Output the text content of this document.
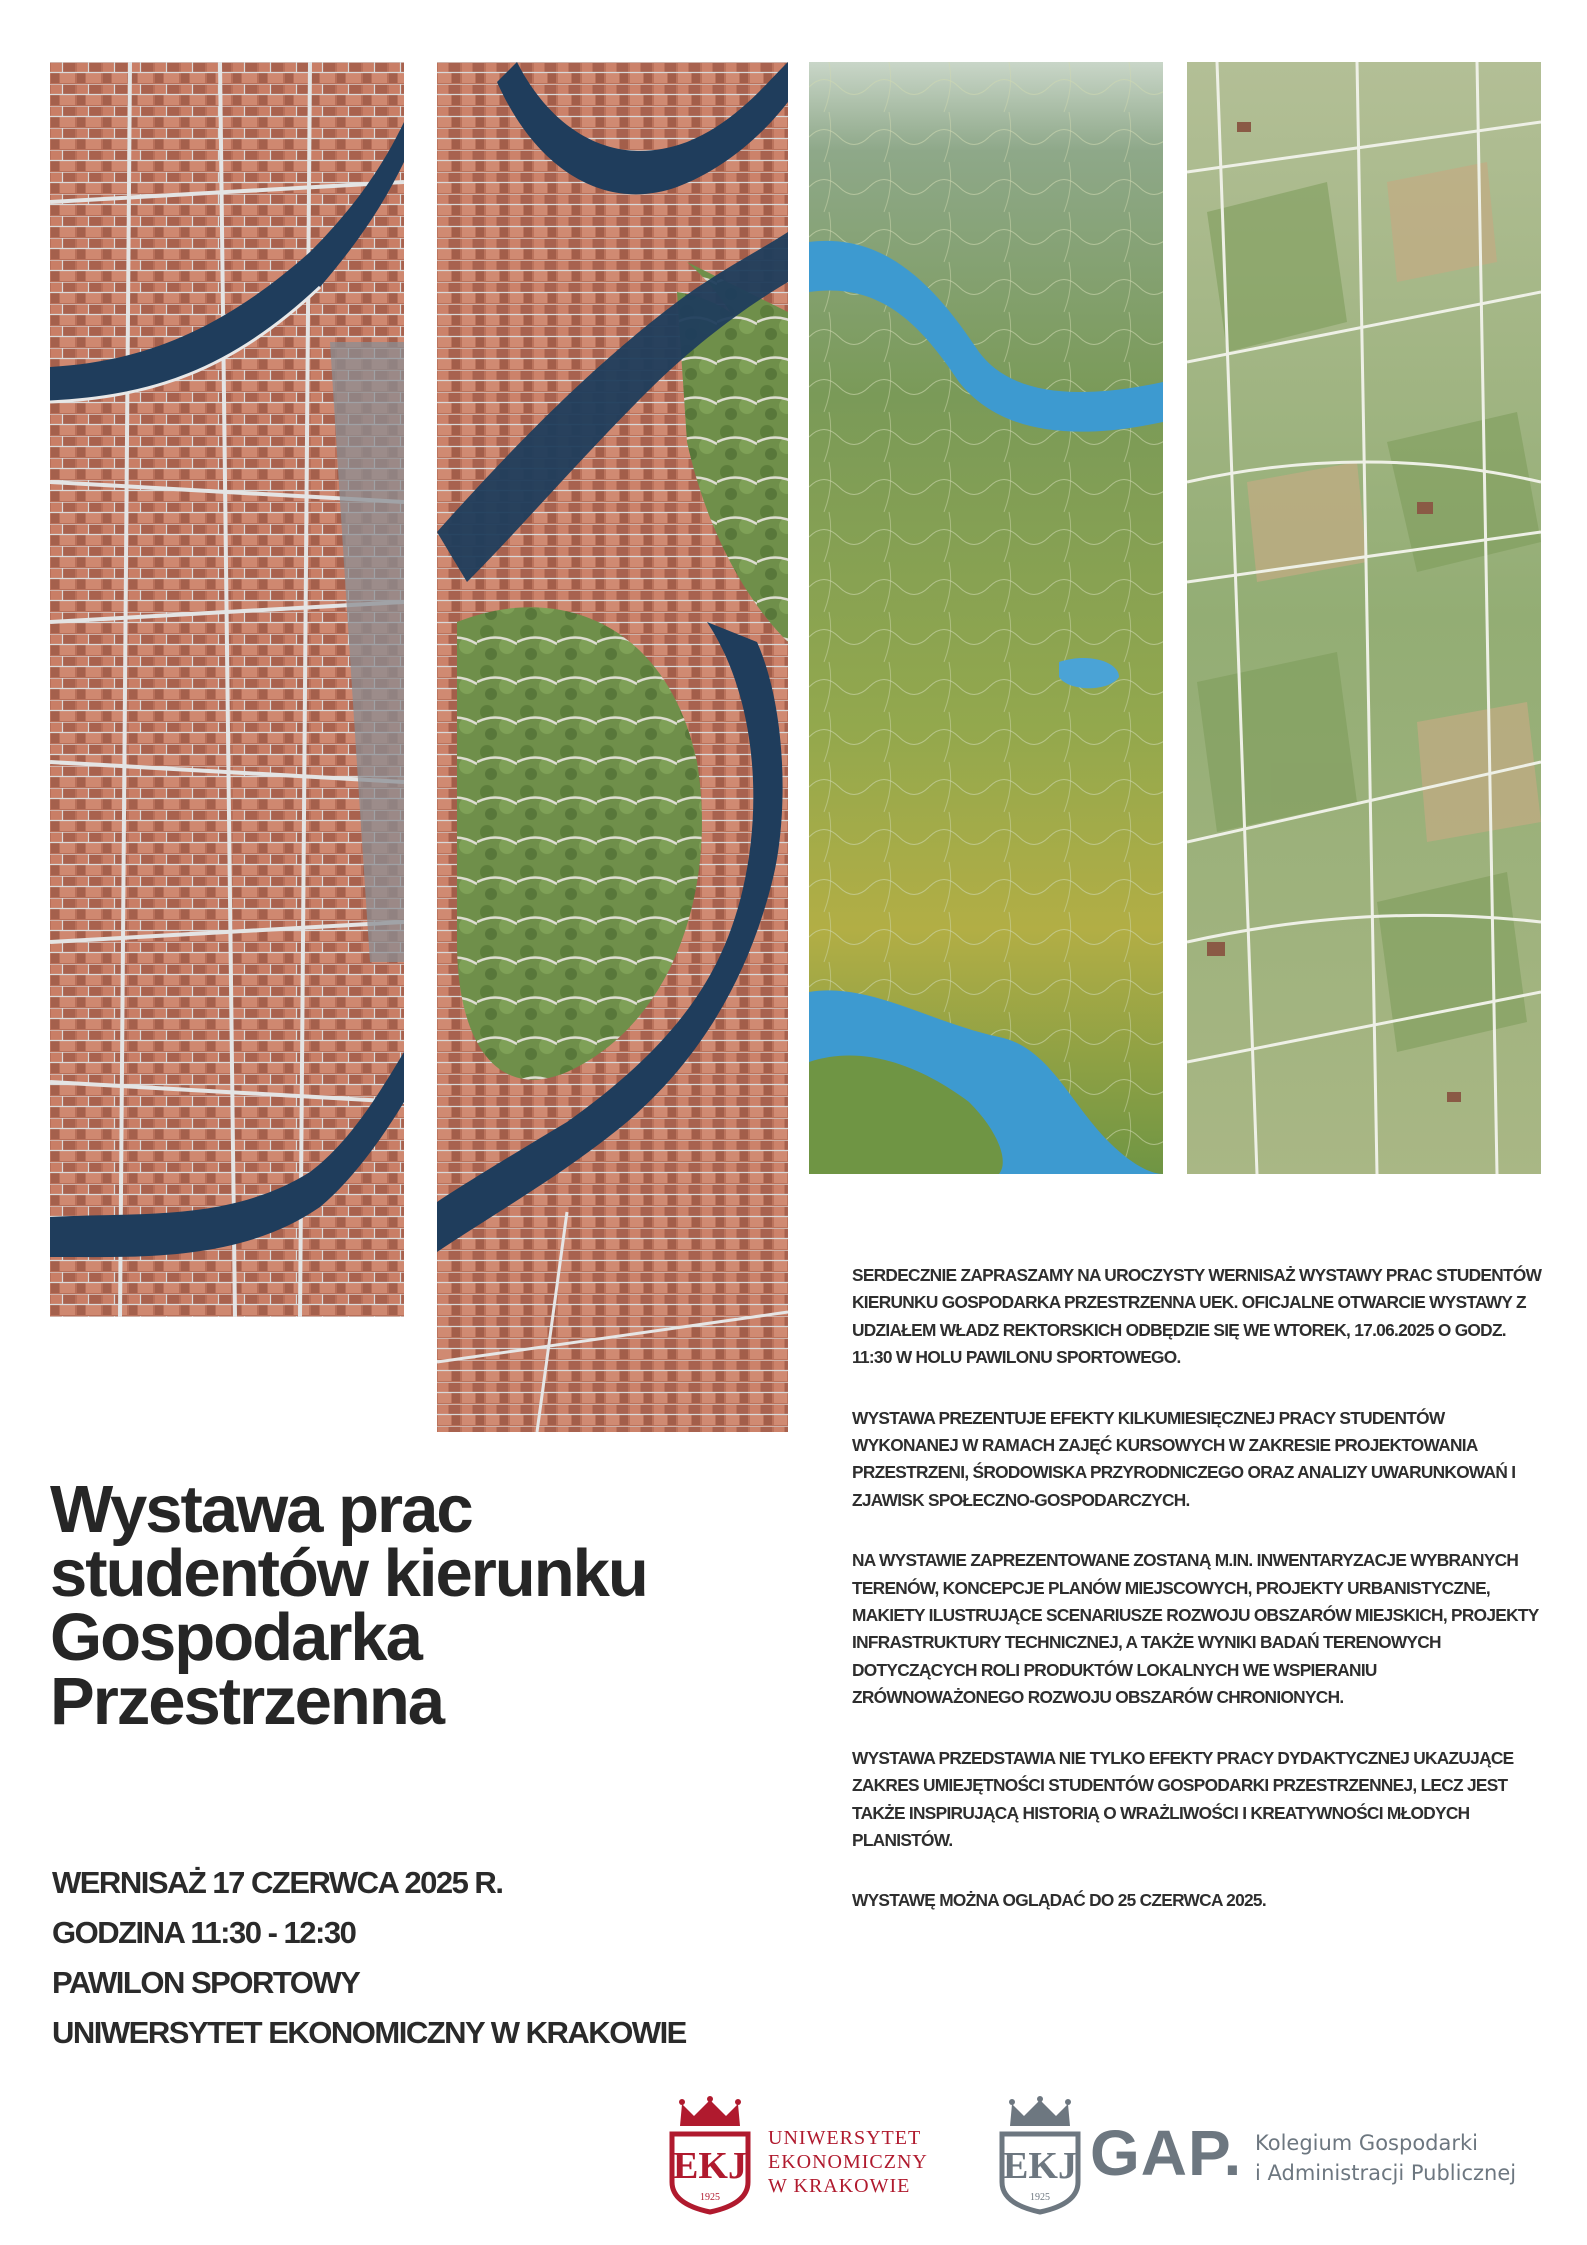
Wystawa prac
studentów kierunku
Gospodarka
Przestrzenna
WERNISAŻ 17 CZERWCA 2025 R.
GODZINA 11:30 - 12:30
PAWILON SPORTOWY
UNIWERSYTET EKONOMICZNY W KRAKOWIE

SERDECZNIE ZAPRASZAMY NA UROCZYSTY WERNISAŻ WYSTAWY PRAC STUDENTÓW KIERUNKU GOSPODARKA PRZESTRZENNA UEK. OFICJALNE OTWARCIE WYSTAWY Z UDZIAŁEM WŁADZ REKTORSKICH ODBĘDZIE SIĘ WE WTOREK, 17.06.2025 O GODZ. 11:30 W HOLU PAWILONU SPORTOWEGO.

WYSTAWA PREZENTUJE EFEKTY KILKUMIESIĘCZNEJ PRACY STUDENTÓW WYKONANEJ W RAMACH ZAJĘĆ KURSOWYCH W ZAKRESIE PROJEKTOWANIA PRZESTRZENI, ŚRODOWISKA PRZYRODNICZEGO ORAZ ANALIZY UWARUNKOWAŃ I ZJAWISK SPOŁECZNO-GOSPODARCZYCH.

NA WYSTAWIE ZAPREZENTOWANE ZOSTANĄ M.IN. INWENTARYZACJE WYBRANYCH TERENÓW, KONCEPCJE PLANÓW MIEJSCOWYCH, PROJEKTY URBANISTYCZNE, MAKIETY ILUSTRUJĄCE SCENARIUSZE ROZWOJU OBSZARÓW MIEJSKICH, PROJEKTY INFRASTRUKTURY TECHNICZNEJ, A TAKŻE WYNIKI BADAŃ TERENOWYCH DOTYCZĄCYCH ROLI PRODUKTÓW LOKALNYCH WE WSPIERANIU ZRÓWNOWAŻONEGO ROZWOJU OBSZARÓW CHRONIONYCH.

WYSTAWA PRZEDSTAWIA NIE TYLKO EFEKTY PRACY DYDAKTYCZNEJ UKAZUJĄCE ZAKRES UMIEJĘTNOŚCI STUDENTÓW GOSPODARKI PRZESTRZENNEJ, LECZ JEST TAKŻE INSPIRUJĄCĄ HISTORIĄ O WRAŻLIWOŚCI I KREATYWNOŚCI MŁODYCH PLANISTÓW.

WYSTAWĘ MOŻNA OGLĄDAĆ DO 25 CZERWCA 2025.

EKJ
1925
UNIWERSYTET
EKONOMICZNY
W KRAKOWIE	EKJ
1925
GAP. Kolegium Gospodarki
i Administracji Publicznej
